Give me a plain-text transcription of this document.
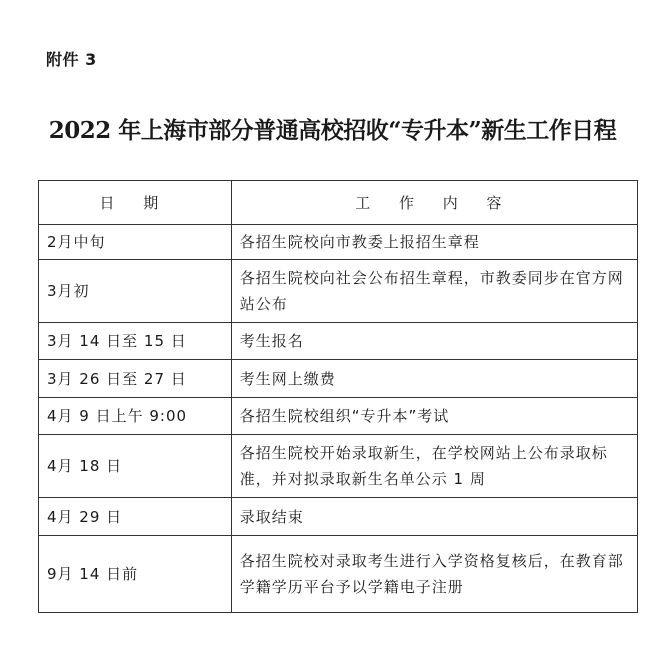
附件 3
2022 年上海市部分普通高校招收“专升本”新生工作日程
日 期	工 作 内 容
2月中旬	各招生院校向市教委上报招生章程
3月初	各招生院校向社会公布招生章程，市教委同步在官方网站公布
3月 14 日至 15 日	考生报名
3月 26 日至 27 日	考生网上缴费
4月 9 日上午 9:00	各招生院校组织“专升本”考试
4月 18 日	各招生院校开始录取新生，在学校网站上公布录取标准，并对拟录取新生名单公示 1 周
4月 29 日	录取结束
9月 14 日前	各招生院校对录取考生进行入学资格复核后，在教育部学籍学历平台予以学籍电子注册
